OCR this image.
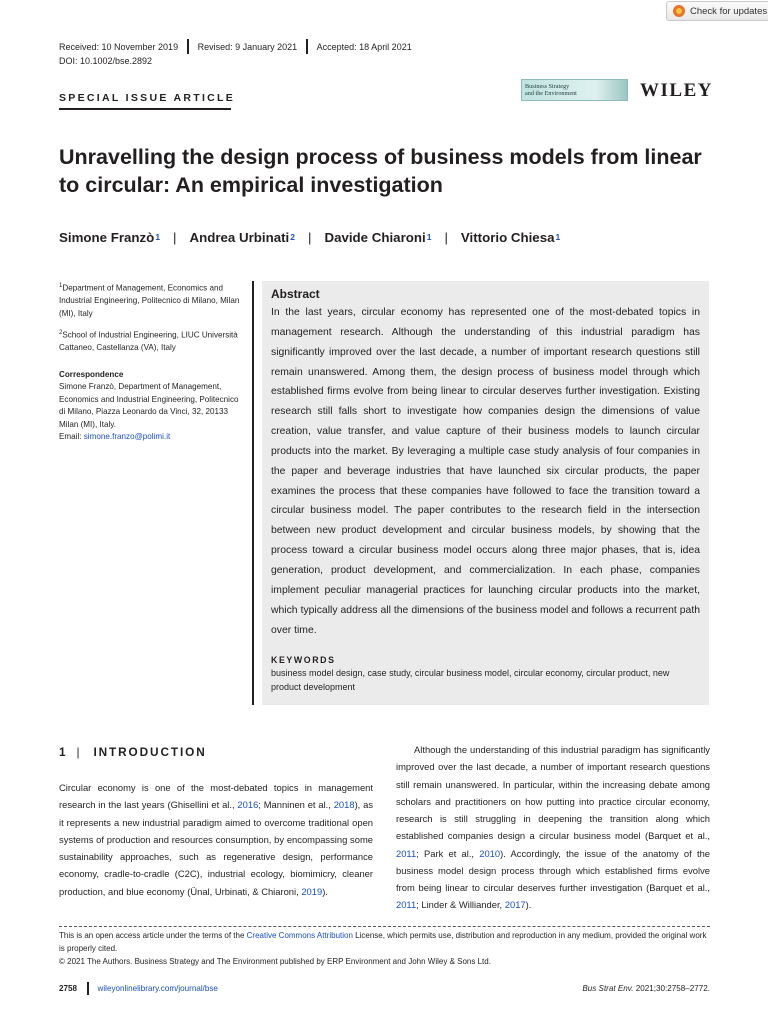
Check for updates
Received: 10 November 2019 Revised: 9 January 2021 Accepted: 18 April 2021
DOI: 10.1002/bse.2892
SPECIAL ISSUE ARTICLE
Business Strategy
and the Environment	WILEY
Unravelling the design process of business models from linear to circular: An empirical investigation
Simone Franzò$^1$ | Andrea Urbinati$^2$ | Davide Chiaroni$^1$ | Vittorio Chiesa$^1$

$^1$Department of Management, Economics and Industrial Engineering, Politecnico di Milano, Milan (MI), Italy

$^2$School of Industrial Engineering, LIUC Università Cattaneo, Castellanza (VA), Italy

Correspondence

Simone Franzò, Department of Management, Economics and Industrial Engineering, Politecnico di Milano, Piazza Leonardo da Vinci, 32, 20133 Milan (MI), Italy.
Email: simone.franzo@polimi.it

Abstract

In the last years, circular economy has represented one of the most-debated topics in management research. Although the understanding of this industrial paradigm has significantly improved over the last decade, a number of important research questions still remain unanswered. Among them, the design process of business model through which established firms evolve from being linear to circular deserves further investigation. Existing research still falls short to investigate how companies design the dimensions of value creation, value transfer, and value capture of their business models to launch circular products into the market. By leveraging a multiple case study analysis of four companies in the paper and beverage industries that have launched six circular products, the paper examines the process that these companies have followed to face the transition toward a circular business model. The paper contributes to the research field in the intersection between new product development and circular business models, by showing that the process toward a circular business model occurs along three major phases, that is, idea generation, product development, and commercialization. In each phase, companies implement peculiar managerial practices for launching circular products into the market, which typically address all the dimensions of the business model and follows a recurrent path over time.

KEYWORDS

business model design, case study, circular business model, circular economy, circular product, new product development

1 | INTRODUCTION

Circular economy is one of the most-debated topics in management research in the last years (Ghisellini et al., 2016; Manninen et al., 2018), as it represents a new industrial paradigm aimed to overcome traditional open systems of production and resources consumption, by encompassing some sustainability approaches, such as regenerative design, performance economy, cradle-to-cradle (C2C), industrial ecology, biomimicry, cleaner production, and blue economy (Ünal, Urbinati, & Chiaroni, 2019).

Although the understanding of this industrial paradigm has significantly improved over the last decade, a number of important research questions still remain unanswered. In particular, within the increasing debate among scholars and practitioners on how putting into practice circular economy, research is still struggling in deepening the transition along which established companies design a circular business model (Barquet et al., 2011; Park et al., 2010). Accordingly, the issue of the anatomy of the business model design process through which established firms evolve from being linear to circular deserves further investigation (Barquet et al., 2011; Linder & Williander, 2017).

This is an open access article under the terms of the Creative Commons Attribution License, which permits use, distribution and reproduction in any medium, provided the original work is properly cited.

© 2021 The Authors. Business Strategy and The Environment published by ERP Environment and John Wiley & Sons Ltd.

2758	wileyonlinelibrary.com/journal/bse	Bus Strat Env. 2021;30:2758–2772.
